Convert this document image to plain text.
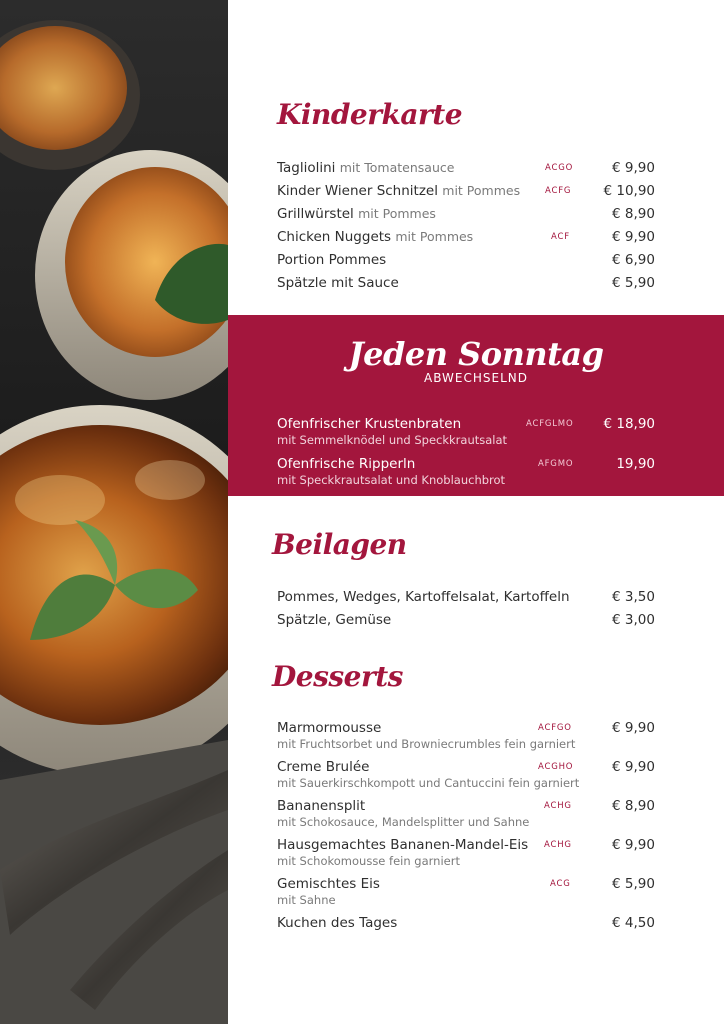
Kinderkarte
Tagliolini mit Tomatensauce	ACGO	€ 9,90
Kinder Wiener Schnitzel mit Pommes	ACFG € 10,90
Grillwürstel mit Pommes	€ 8,90
Chicken Nuggets mit Pommes	ACF	€ 9,90
Portion Pommes	€ 6,90
Spätzle mit Sauce	€ 5,90
Jeden Sonntag
ABWECHSELND
Ofenfrischer Krustenbraten	ACFGLMO € 18,90
mit Semmelknödel und Speckkrautsalat
Ofenfrische Ripperln	AFGMO	19,90
mit Speckkrautsalat und Knoblauchbrot
Beilagen
Pommes, Wedges, Kartoffelsalat, Kartoffeln	€ 3,50
Spätzle, Gemüse	€ 3,00
Desserts
Marmormousse	ACFGO	€ 9,90
mit Fruchtsorbet und Browniecrumbles fein garniert
Creme Brulée	ACGHO	€ 9,90
mit Sauerkirschkompott und Cantuccini fein garniert
Bananensplit	ACHG	€ 8,90
mit Schokosauce, Mandelsplitter und Sahne
Hausgemachtes Bananen-Mandel-Eis ACHG	€ 9,90
mit Schokomousse fein garniert
Gemischtes Eis	ACG	€ 5,90
mit Sahne
Kuchen des Tages	€ 4,50
